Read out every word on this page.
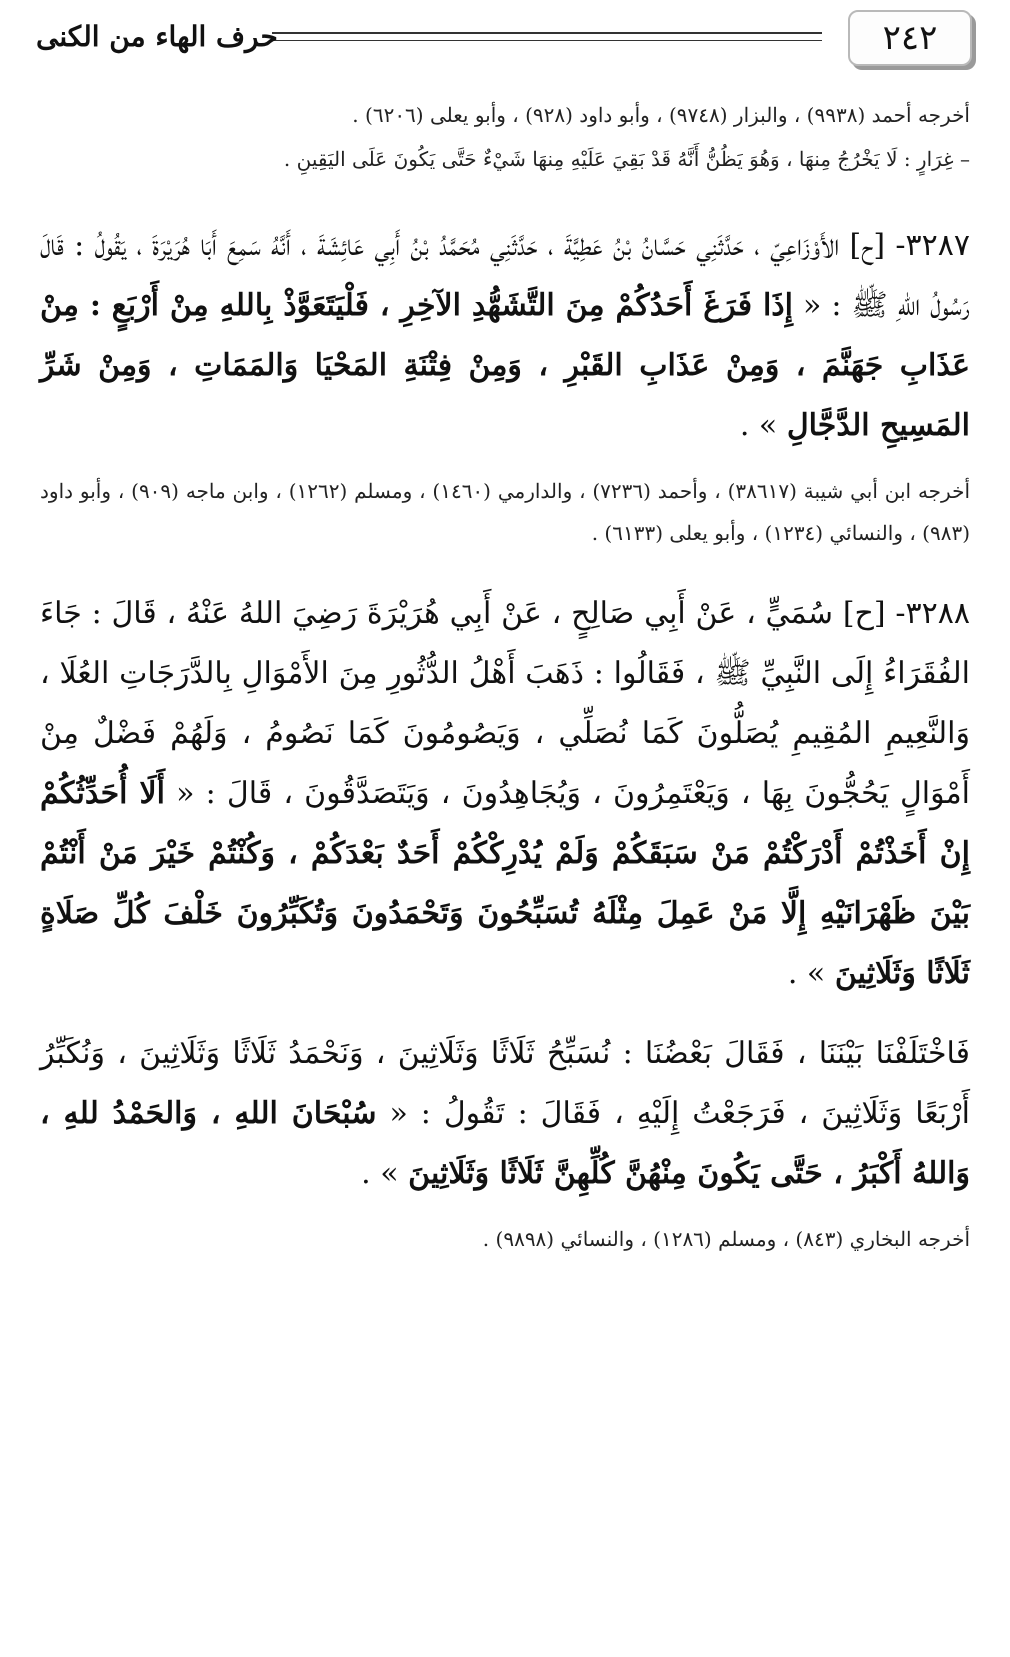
٢٤٢
حرف الهاء من الكنى

أخرجه أحمد (٩٩٣٨) ، والبزار (٩٧٤٨) ، وأبو داود (٩٢٨) ، وأبو يعلى (٦٢٠٦) .

– غِرَارٍ : لَا يَخْرُجُ مِنهَا ، وَهُوَ يَظُنُّ أَنَّهُ قَدْ بَقِيَ عَلَيْهِ مِنهَا شَيْءٌ حَتَّى يَكُونَ عَلَى اليَقِينِ .

٣٢٨٧- [ح] الأَوْزَاعِيّ ، حَدَّثَنِي حَسَّانُ بْنُ عَطِيَّةَ ، حَدَّثَنِي مُحَمَّدُ بْنُ أَبِي عَائِشَةَ ، أَنَّهُ سَمِعَ أَبَا هُرَيْرَةَ ، يَقُولُ : قَالَ رَسُولُ اللهِ ﷺ : « إِذَا فَرَغَ أَحَدُكُمْ مِنَ التَّشَهُّدِ الآخِرِ ، فَلْيَتَعَوَّذْ بِاللهِ مِنْ أَرْبَعٍ : مِنْ عَذَابِ جَهَنَّمَ ، وَمِنْ عَذَابِ القَبْرِ ، وَمِنْ فِتْنَةِ المَحْيَا وَالمَمَاتِ ، وَمِنْ شَرِّ المَسِيحِ الدَّجَّالِ » .

أخرجه ابن أبي شيبة (٣٨٦١٧) ، وأحمد (٧٢٣٦) ، والدارمي (١٤٦٠) ، ومسلم (١٢٦٢) ، وابن ماجه (٩٠٩) ، وأبو داود (٩٨٣) ، والنسائي (١٢٣٤) ، وأبو يعلى (٦١٣٣) .

٣٢٨٨- [ح] سُمَيٍّ ، عَنْ أَبِي صَالِحٍ ، عَنْ أَبِي هُرَيْرَةَ رَضِيَ اللهُ عَنْهُ ، قَالَ : جَاءَ الفُقَرَاءُ إِلَى النَّبِيِّ ﷺ ، فَقَالُوا : ذَهَبَ أَهْلُ الدُّثُورِ مِنَ الأَمْوَالِ بِالدَّرَجَاتِ العُلَا ، وَالنَّعِيمِ المُقِيمِ يُصَلُّونَ كَمَا نُصَلِّي ، وَيَصُومُونَ كَمَا نَصُومُ ، وَلَهُمْ فَضْلٌ مِنْ أَمْوَالٍ يَحُجُّونَ بِهَا ، وَيَعْتَمِرُونَ ، وَيُجَاهِدُونَ ، وَيَتَصَدَّقُونَ ، قَالَ : « أَلَا أُحَدِّثُكُمْ إِنْ أَخَذْتُمْ أَدْرَكْتُمْ مَنْ سَبَقَكُمْ وَلَمْ يُدْرِكْكُمْ أَحَدٌ بَعْدَكُمْ ، وَكُنْتُمْ خَيْرَ مَنْ أَنْتُمْ بَيْنَ ظَهْرَانَيْهِ إِلَّا مَنْ عَمِلَ مِثْلَهُ تُسَبِّحُونَ وَتَحْمَدُونَ وَتُكَبِّرُونَ خَلْفَ كُلِّ صَلَاةٍ ثَلَاثًا وَثَلَاثِينَ » .

فَاخْتَلَفْنَا بَيْنَنَا ، فَقَالَ بَعْضُنَا : نُسَبِّحُ ثَلَاثًا وَثَلَاثِينَ ، وَنَحْمَدُ ثَلَاثًا وَثَلَاثِينَ ، وَنُكَبِّرُ أَرْبَعًا وَثَلَاثِينَ ، فَرَجَعْتُ إِلَيْهِ ، فَقَالَ : تَقُولُ : « سُبْحَانَ اللهِ ، وَالحَمْدُ للهِ ، وَاللهُ أَكْبَرُ ، حَتَّى يَكُونَ مِنْهُنَّ كُلِّهِنَّ ثَلَاثًا وَثَلَاثِينَ » .

أخرجه البخاري (٨٤٣) ، ومسلم (١٢٨٦) ، والنسائي (٩٨٩٨) .
